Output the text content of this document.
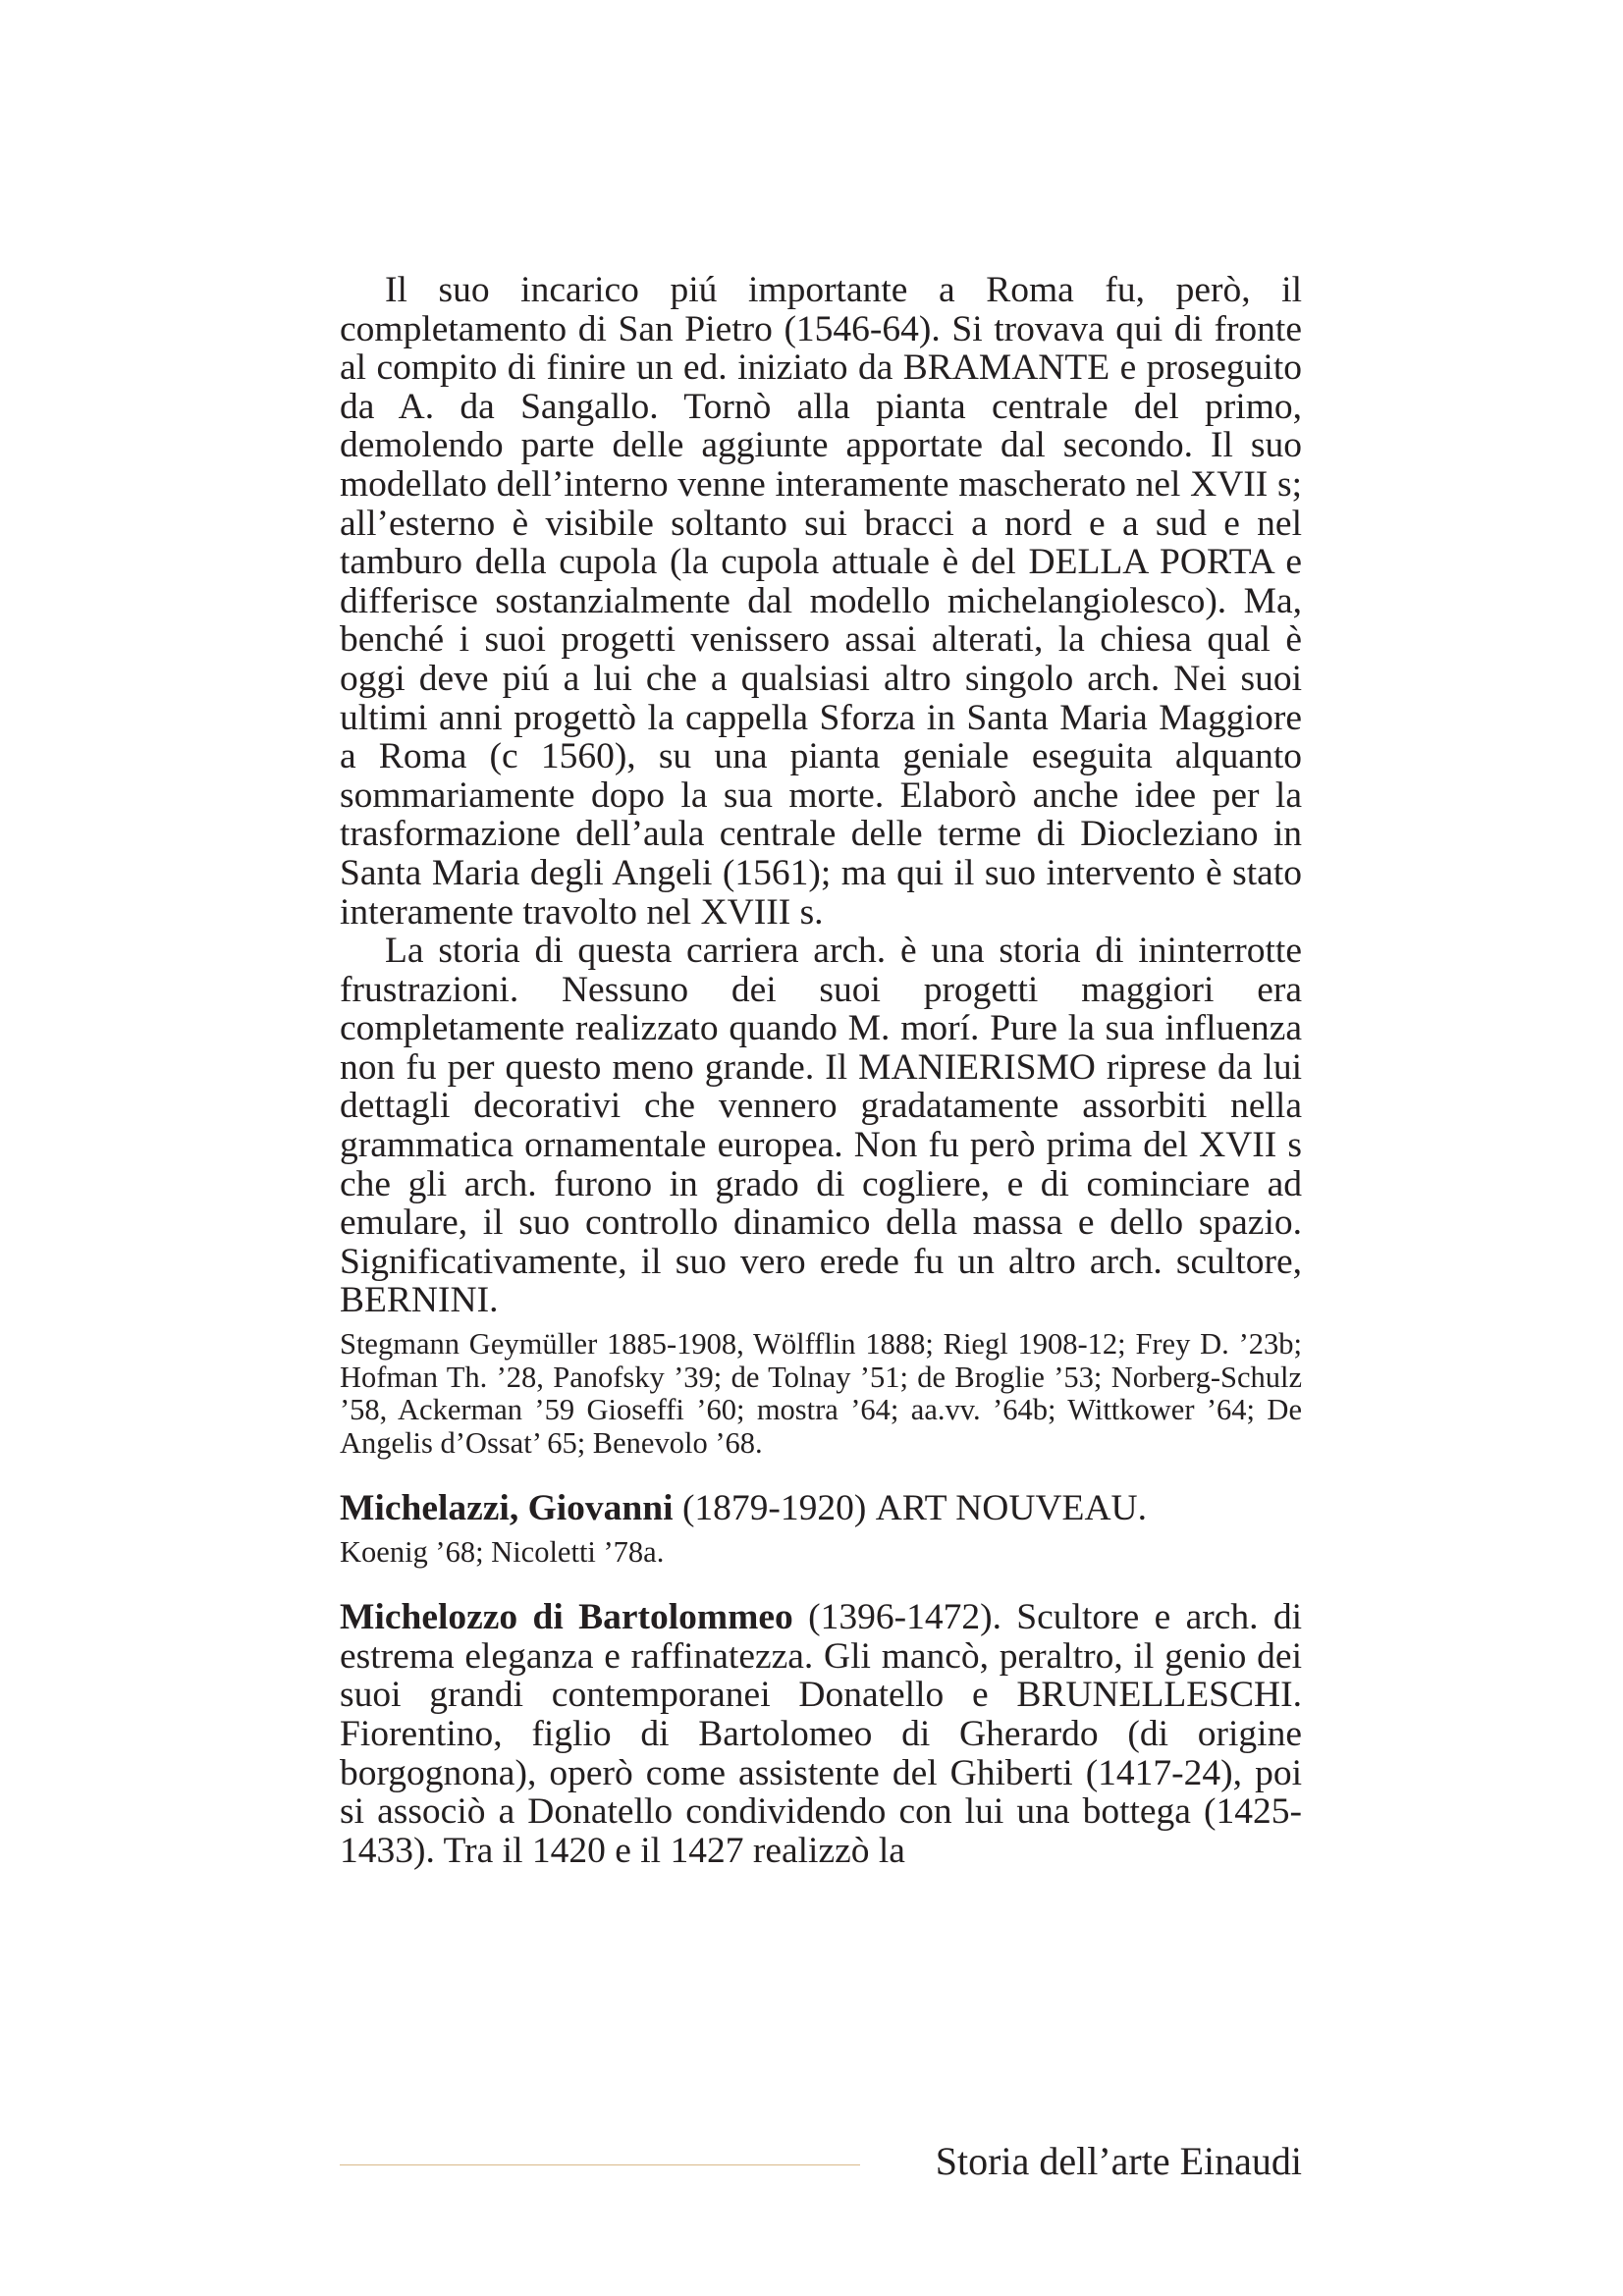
Il suo incarico piú importante a Roma fu, però, il completamento di San Pietro (1546-64). Si trovava qui di fronte al compito di finire un ed. iniziato da BRAMANTE e proseguito da A. da Sangallo. Tornò alla pianta centrale del primo, demolendo parte delle aggiunte apportate dal secondo. Il suo modellato dell’interno venne interamente mascherato nel XVII s; all’esterno è visibile soltanto sui bracci a nord e a sud e nel tamburo della cupola (la cupola attuale è del DELLA PORTA e differisce sostanzialmente dal modello michelangiolesco). Ma, benché i suoi progetti venissero assai alterati, la chiesa qual è oggi deve piú a lui che a qualsiasi altro singolo arch. Nei suoi ultimi anni progettò la cappella Sforza in Santa Maria Maggiore a Roma (c 1560), su una pianta geniale eseguita alquanto sommariamente dopo la sua morte. Elaborò anche idee per la trasformazione dell’aula centrale delle terme di Diocleziano in Santa Maria degli Angeli (1561); ma qui il suo intervento è stato interamente travolto nel XVIII s.

La storia di questa carriera arch. è una storia di ininterrotte frustrazioni. Nessuno dei suoi progetti maggiori era completamente realizzato quando M. morí. Pure la sua influenza non fu per questo meno grande. Il MANIERISMO riprese da lui dettagli decorativi che vennero gradatamente assorbiti nella grammatica ornamentale europea. Non fu però prima del XVII s che gli arch. furono in grado di cogliere, e di cominciare ad emulare, il suo controllo dinamico della massa e dello spazio. Significativamente, il suo vero erede fu un altro arch. scultore, BERNINI.

Stegmann Geymüller 1885-1908, Wölfflin 1888; Riegl 1908-12; Frey D. ’23b; Hofman Th. ’28, Panofsky ’39; de Tolnay ’51; de Broglie ’53; Norberg-Schulz ’58, Ackerman ’59 Gioseffi ’60; mostra ’64; aa.vv. ’64b; Wittkower ’64; De Angelis d’Ossat’ 65; Benevolo ’68.

Michelazzi, Giovanni (1879-1920) ART NOUVEAU.

Koenig ’68; Nicoletti ’78a.

Michelozzo di Bartolommeo (1396-1472). Scultore e arch. di estrema eleganza e raffinatezza. Gli mancò, peraltro, il genio dei suoi grandi contemporanei Donatello e BRUNELLESCHI. Fiorentino, figlio di Bartolomeo di Gherardo (di origine borgognona), operò come assistente del Ghiberti (1417-24), poi si associò a Donatello condividendo con lui una bottega (1425-1433). Tra il 1420 e il 1427 realizzò la

Storia dell’arte Einaudi
